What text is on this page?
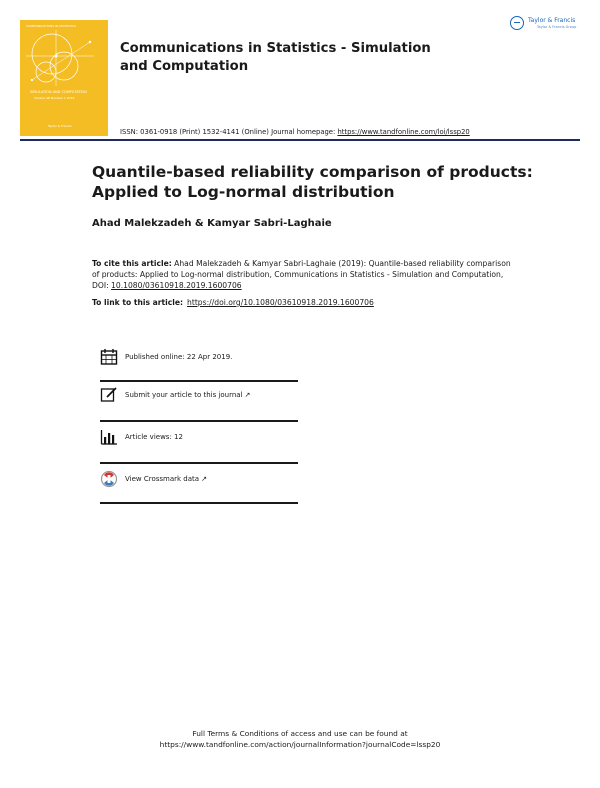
COMMUNICATIONS IN STATISTICS
SIMULATION AND COMPUTATION
Volume 48 Number 1 2019
Taylor & Francis
Communications in Statistics - Simulation and Computation
Taylor & Francis
Taylor & Francis Group
ISSN: 0361-0918 (Print) 1532-4141 (Online) Journal homepage: https://www.tandfonline.com/loi/lssp20
Quantile-based reliability comparison of products: Applied to Log-normal distribution
Ahad Malekzadeh & Kamyar Sabri-Laghaie
To cite this article: Ahad Malekzadeh & Kamyar Sabri-Laghaie (2019): Quantile-based reliability comparison of products: Applied to Log-normal distribution, Communications in Statistics - Simulation and Computation, DOI: 10.1080/03610918.2019.1600706
To link to this article: https://doi.org/10.1080/03610918.2019.1600706
Published online: 22 Apr 2019.
Submit your article to this journal ↗
Article views: 12
View Crossmark data ↗
Full Terms & Conditions of access and use can be found at
https://www.tandfonline.com/action/journalInformation?journalCode=lssp20
